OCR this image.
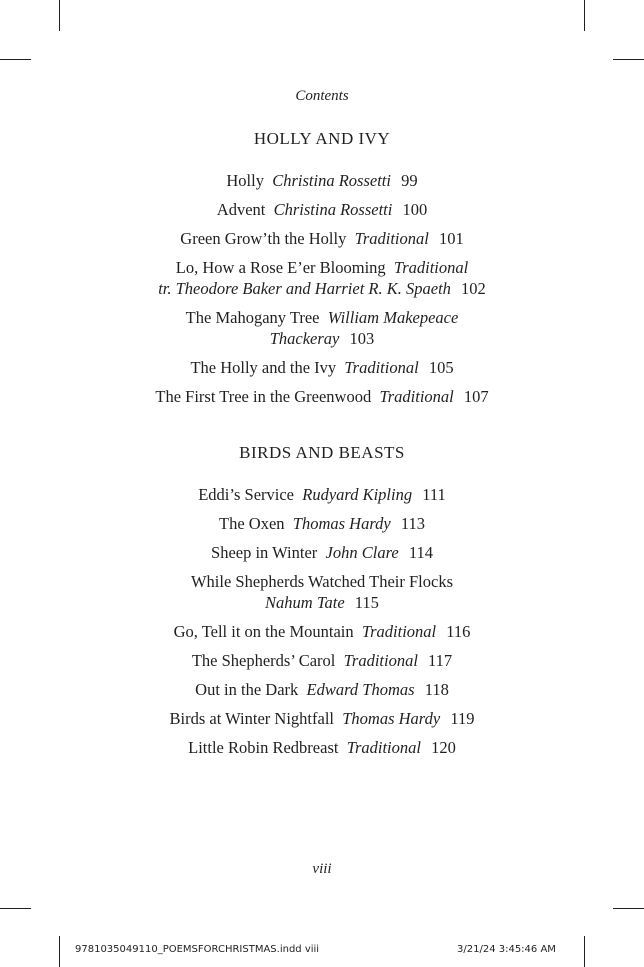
Contents
HOLLY AND IVY
Holly Christina Rossetti 99
Advent Christina Rossetti 100
Green Grow’th the Holly Traditional 101
Lo, How a Rose E’er Blooming Traditional
tr. Theodore Baker and Harriet R. K. Spaeth 102
The Mahogany Tree William Makepeace
Thackeray 103
The Holly and the Ivy Traditional 105
The First Tree in the Greenwood Traditional 107
BIRDS AND BEASTS
Eddi’s Service Rudyard Kipling 111
The Oxen Thomas Hardy 113
Sheep in Winter John Clare 114
While Shepherds Watched Their Flocks
Nahum Tate 115
Go, Tell it on the Mountain Traditional 116
The Shepherds’ Carol Traditional 117
Out in the Dark Edward Thomas 118
Birds at Winter Nightfall Thomas Hardy 119
Little Robin Redbreast Traditional 120
viii
9781035049110_POEMSFORCHRISTMAS.indd viii	3/21/24 3:45:46 AM
